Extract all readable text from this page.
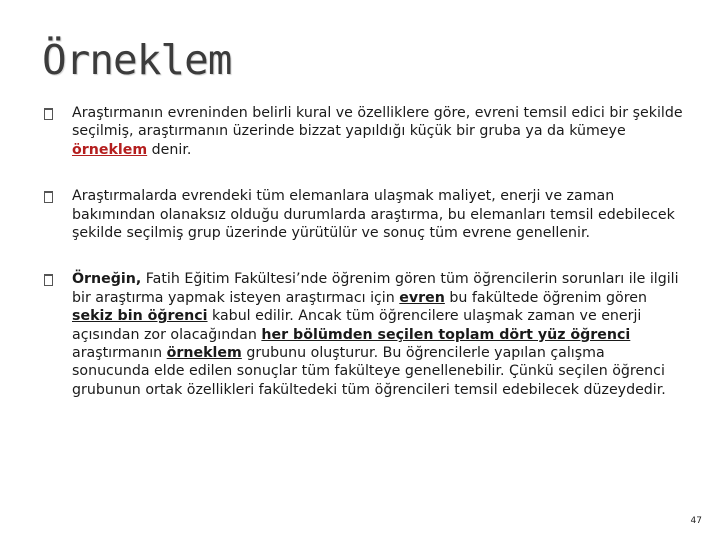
Örneklem
Araştırmanın evreninden belirli kural ve özelliklere göre, evreni temsil edici bir şekilde seçilmiş, araştırmanın üzerinde bizzat yapıldığı küçük bir gruba ya da kümeye örneklem denir.
Araştırmalarda evrendeki tüm elemanlara ulaşmak maliyet, enerji ve zaman bakımından olanaksız olduğu durumlarda araştırma, bu elemanları temsil edebilecek şekilde seçilmiş grup üzerinde yürütülür ve sonuç tüm evrene genellenir.
Örneğin, Fatih Eğitim Fakültesi’nde öğrenim gören tüm öğrencilerin sorunları ile ilgili bir araştırma yapmak isteyen araştırmacı için evren bu fakültede öğrenim gören sekiz bin öğrenci kabul edilir. Ancak tüm öğrencilere ulaşmak zaman ve enerji açısından zor olacağından her bölümden seçilen toplam dört yüz öğrenci araştırmanın örneklem grubunu oluşturur. Bu öğrencilerle yapılan çalışma sonucunda elde edilen sonuçlar tüm fakülteye genellenebilir. Çünkü seçilen öğrenci grubunun ortak özellikleri fakültedeki tüm öğrencileri temsil edebilecek düzeydedir.
47
